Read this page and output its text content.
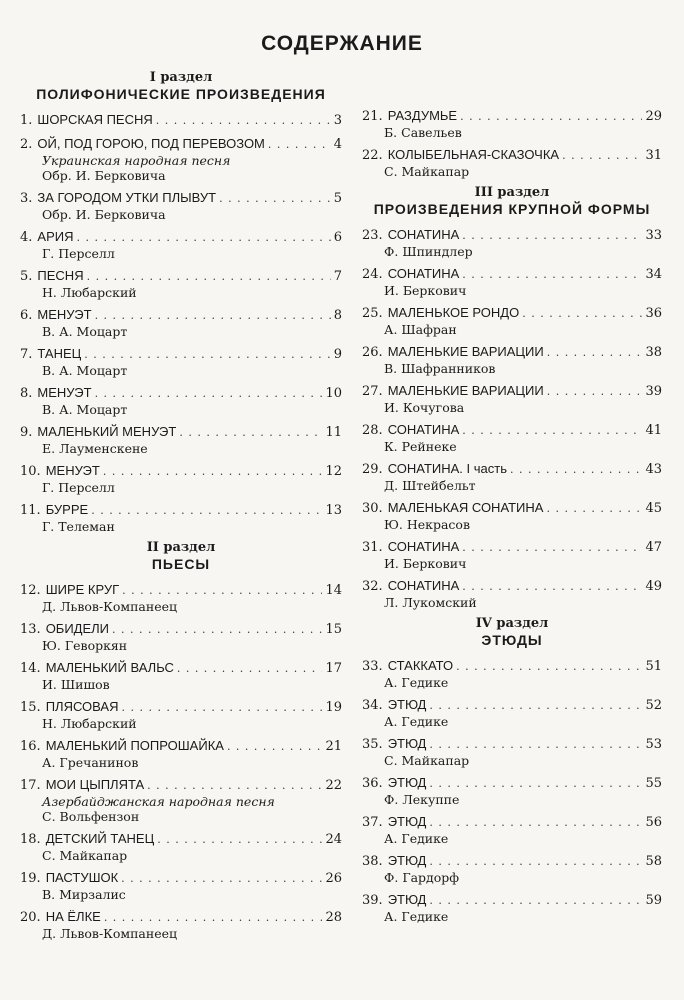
СОДЕРЖАНИЕ
I раздел
ПОЛИФОНИЧЕСКИЕ ПРОИЗВЕДЕНИЯ
1. ШОРСКАЯ ПЕСНЯ . . .	3
2. ОЙ, ПОД ГОРОЮ, ПОД ПЕРЕВОЗОМ . . .	4
Украинская народная песня
Обр. И. Берковича
3. ЗА ГОРОДОМ УТКИ ПЛЫВУТ . . .	5
Обр. И. Берковича
4. АРИЯ . . .	6
Г. Перселл
5. ПЕСНЯ . . .	7
Н. Любарский
6. МЕНУЭТ . . .	8
В. А. Моцарт
7. ТАНЕЦ . . .	9
В. А. Моцарт
8. МЕНУЭТ . . .	10
В. А. Моцарт
9. МАЛЕНЬКИЙ МЕНУЭТ . . .	11
Е. Лауменскене
10. МЕНУЭТ . . .	12
Г. Перселл
11. БУРРЕ . . .	13
Г. Телеман
II раздел
ПЬЕСЫ
12. ШИРЕ КРУГ . . .	14
Д. Львов-Компанеец
13. ОБИДЕЛИ . . .	15
Ю. Геворкян
14. МАЛЕНЬКИЙ ВАЛЬС . . .	17
И. Шишов
15. ПЛЯСОВАЯ . . .	19
Н. Любарский
16. МАЛЕНЬКИЙ ПОПРОШАЙКА . . .	21
А. Гречанинов
17. МОИ ЦЫПЛЯТА . . .	22
Азербайджанская народная песня
С. Вольфензон
18. ДЕТСКИЙ ТАНЕЦ . . .	24
С. Майкапар
19. ПАСТУШОК . . .	26
В. Мирзалис
20. НА ЁЛКЕ . . .	28
Д. Львов-Компанеец
21. РАЗДУМЬЕ . . .	29
Б. Савельев
22. КОЛЫБЕЛЬНАЯ-СКАЗОЧКА . . .	31
С. Майкапар
III раздел
ПРОИЗВЕДЕНИЯ КРУПНОЙ ФОРМЫ
23. СОНАТИНА . . .	33
Ф. Шпиндлер
24. СОНАТИНА . . .	34
И. Беркович
25. МАЛЕНЬКОЕ РОНДО . . .	36
А. Шафран
26. МАЛЕНЬКИЕ ВАРИАЦИИ . . .	38
В. Шафранников
27. МАЛЕНЬКИЕ ВАРИАЦИИ . . .	39
И. Кочугова
28. СОНАТИНА . . .	41
К. Рейнеке
29. СОНАТИНА. I часть . . .	43
Д. Штейбельт
30. МАЛЕНЬКАЯ СОНАТИНА . . .	45
Ю. Некрасов
31. СОНАТИНА . . .	47
И. Беркович
32. СОНАТИНА . . .	49
Л. Лукомский
IV раздел
ЭТЮДЫ
33. СТАККАТО . . .	51
А. Гедике
34. ЭТЮД . . .	52
А. Гедике
35. ЭТЮД . . .	53
С. Майкапар
36. ЭТЮД . . .	55
Ф. Лекуппе
37. ЭТЮД . . .	56
А. Гедике
38. ЭТЮД . . .	58
Ф. Гардорф
39. ЭТЮД . . .	59
А. Гедике
